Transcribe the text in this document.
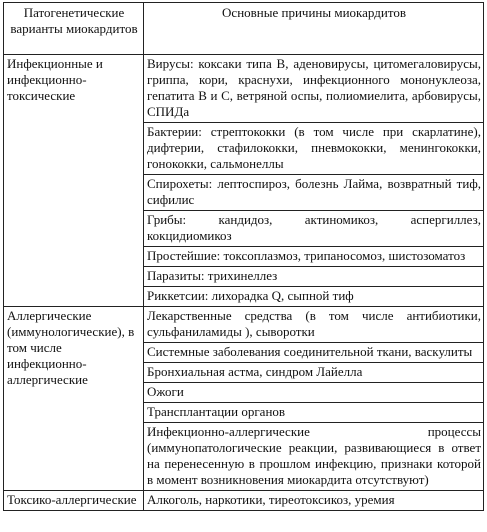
Патогенетические варианты миокардитов	Основные причины миокардитов
Инфекционные и инфекционно-токсические	Вирусы: коксаки типа В, аденовирусы, цитомегаловирусы, гриппа, кори, краснухи, инфекционного мононуклеоза, гепатита В и С, ветряной оспы, полиомиелита, арбовирусы, СПИДа
	Бактерии: стрептококки (в том числе при скарлатине), дифтерии, стафилококки, пневмококки, менингококки, гонококки, сальмонеллы
	Спирохеты: лептоспироз, болезнь Лайма, возвратный тиф, сифилис
	Грибы: кандидоз, актиномикоз, аспергиллез, кокцидиомикоз
	Простейшие: токсоплазмоз, трипаносомоз, шистозоматоз
	Паразиты: трихинеллез
	Риккетсии: лихорадка Q, сыпной тиф
Аллергические (иммунологические), в том числе инфекционно-аллергические	Лекарственные средства (в том числе антибиотики, сульфаниламиды ), сыворотки
	Системные заболевания соединительной ткани, васкулиты
	Бронхиальная астма, синдром Лайелла
	Ожоги
	Трансплантации органов
	Инфекционно-аллергические процессы (иммунопатологические реакции, развивающиеся в ответ на перенесенную в прошлом инфекцию, признаки которой в момент возникновения миокардита отсутствуют)
Токсико-аллергические	Алкоголь, наркотики, тиреотоксикоз, уремия
